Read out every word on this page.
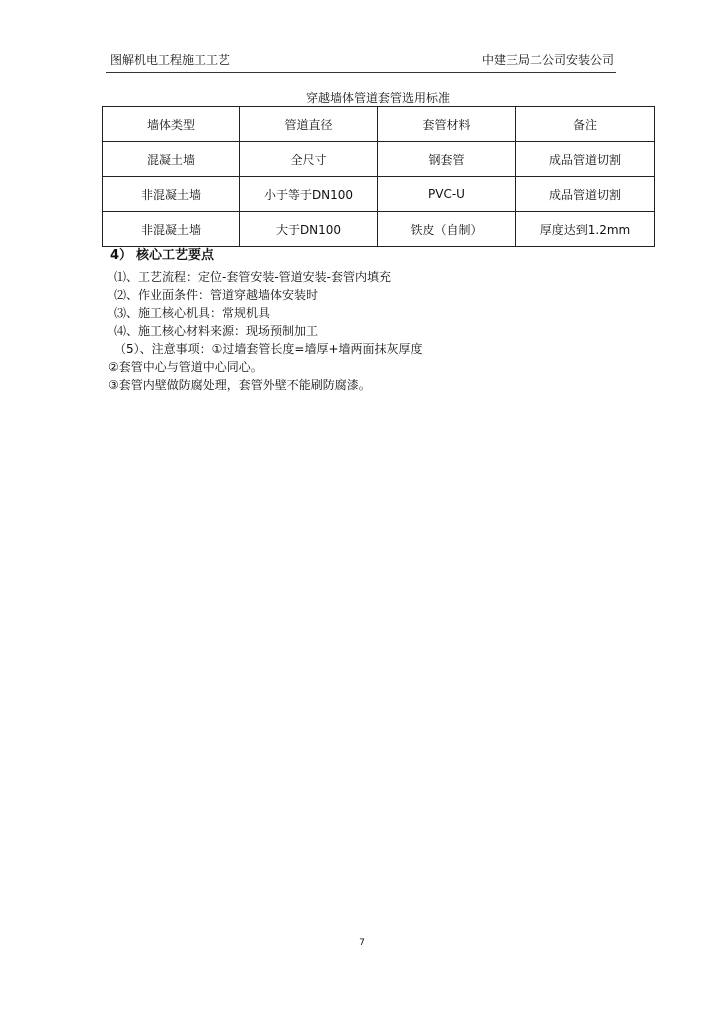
图解机电工程施工工艺	中建三局二公司安装公司
穿越墙体管道套管选用标准
墙体类型	管道直径	套管材料	备注
混凝土墙	全尺寸	钢套管	成品管道切割
非混凝土墙	小于等于DN100	PVC-U	成品管道切割
非混凝土墙	大于DN100	铁皮（自制）	厚度达到1.2mm
4） 核心工艺要点
⑴、工艺流程：定位-套管安装-管道安装-套管内填充
⑵、作业面条件：管道穿越墙体安装时
⑶、施工核心机具：常规机具
⑷、施工核心材料来源：现场预制加工
（5）、注意事项：①过墙套管长度=墙厚+墙两面抹灰厚度
②套管中心与管道中心同心。
③套管内壁做防腐处理，套管外壁不能刷防腐漆。
7
